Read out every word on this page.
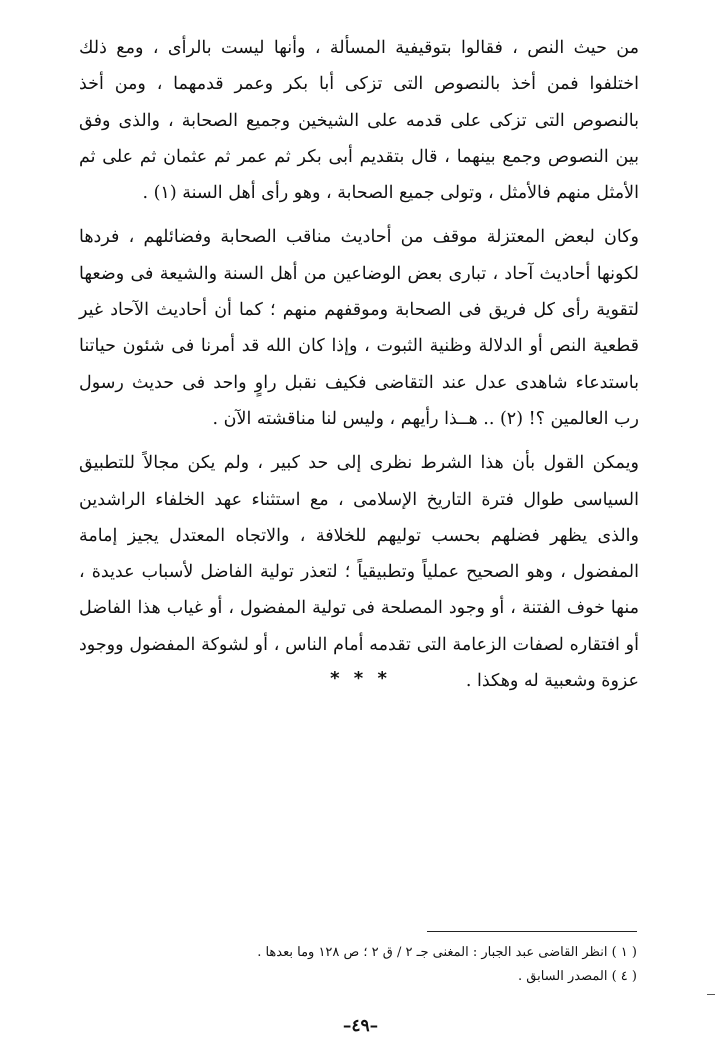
من حيث النص ، فقالوا بتوقيفية المسألة ، وأنها ليست بالرأى ، ومع ذلك اختلفوا فمن أخذ بالنصوص التى تزكى أبا بكر وعمر قدمهما ، ومن أخذ بالنصوص التى تزكى على قدمه على الشيخين وجميع الصحابة ، والذى وفق بين النصوص وجمع بينهما ، قال بتقديم أبى بكر ثم عمر ثم عثمان ثم على ثم الأمثل منهم فالأمثل ، وتولى جميع الصحابة ، وهو رأى أهل السنة (١) .

وكان لبعض المعتزلة موقف من أحاديث مناقب الصحابة وفضائلهم ، فردها لكونها أحاديث آحاد ، تبارى بعض الوضاعين من أهل السنة والشيعة فى وضعها لتقوية رأى كل فريق فى الصحابة وموقفهم منهم ؛ كما أن أحاديث الآحاد غير قطعية النص أو الدلالة وظنية الثبوت ، وإذا كان الله قد أمرنا فى شئون حياتنا باستدعاء شاهدى عدل عند التقاضى فكيف نقبل راوٍ واحد فى حديث رسول رب العالمين ؟! (٢) .. هــذا رأيهم ، وليس لنا مناقشته الآن .

ويمكن القول بأن هذا الشرط نظرى إلى حد كبير ، ولم يكن مجالاً للتطبيق السياسى طوال فترة التاريخ الإسلامى ، مع استثناء عهد الخلفاء الراشدين والذى يظهر فضلهم بحسب توليهم للخلافة ، والاتجاه المعتدل يجيز إمامة المفضول ، وهو الصحيح عملياً وتطبيقياً ؛ لتعذر تولية الفاضل لأسباب عديدة ، منها خوف الفتنة ، أو وجود المصلحة فى تولية المفضول ، أو غياب هذا الفاضل أو افتقاره لصفات الزعامة التى تقدمه أمام الناس ، أو لشوكة المفضول ووجود عزوة وشعبية له وهكذا .

* * *

( ١ ) انظر القاضى عبد الجبار : المغنى جـ ٢ / ق ٢ ؛ ص ١٢٨ وما بعدها .

( ٤ ) المصدر السابق .

–٤٩–
